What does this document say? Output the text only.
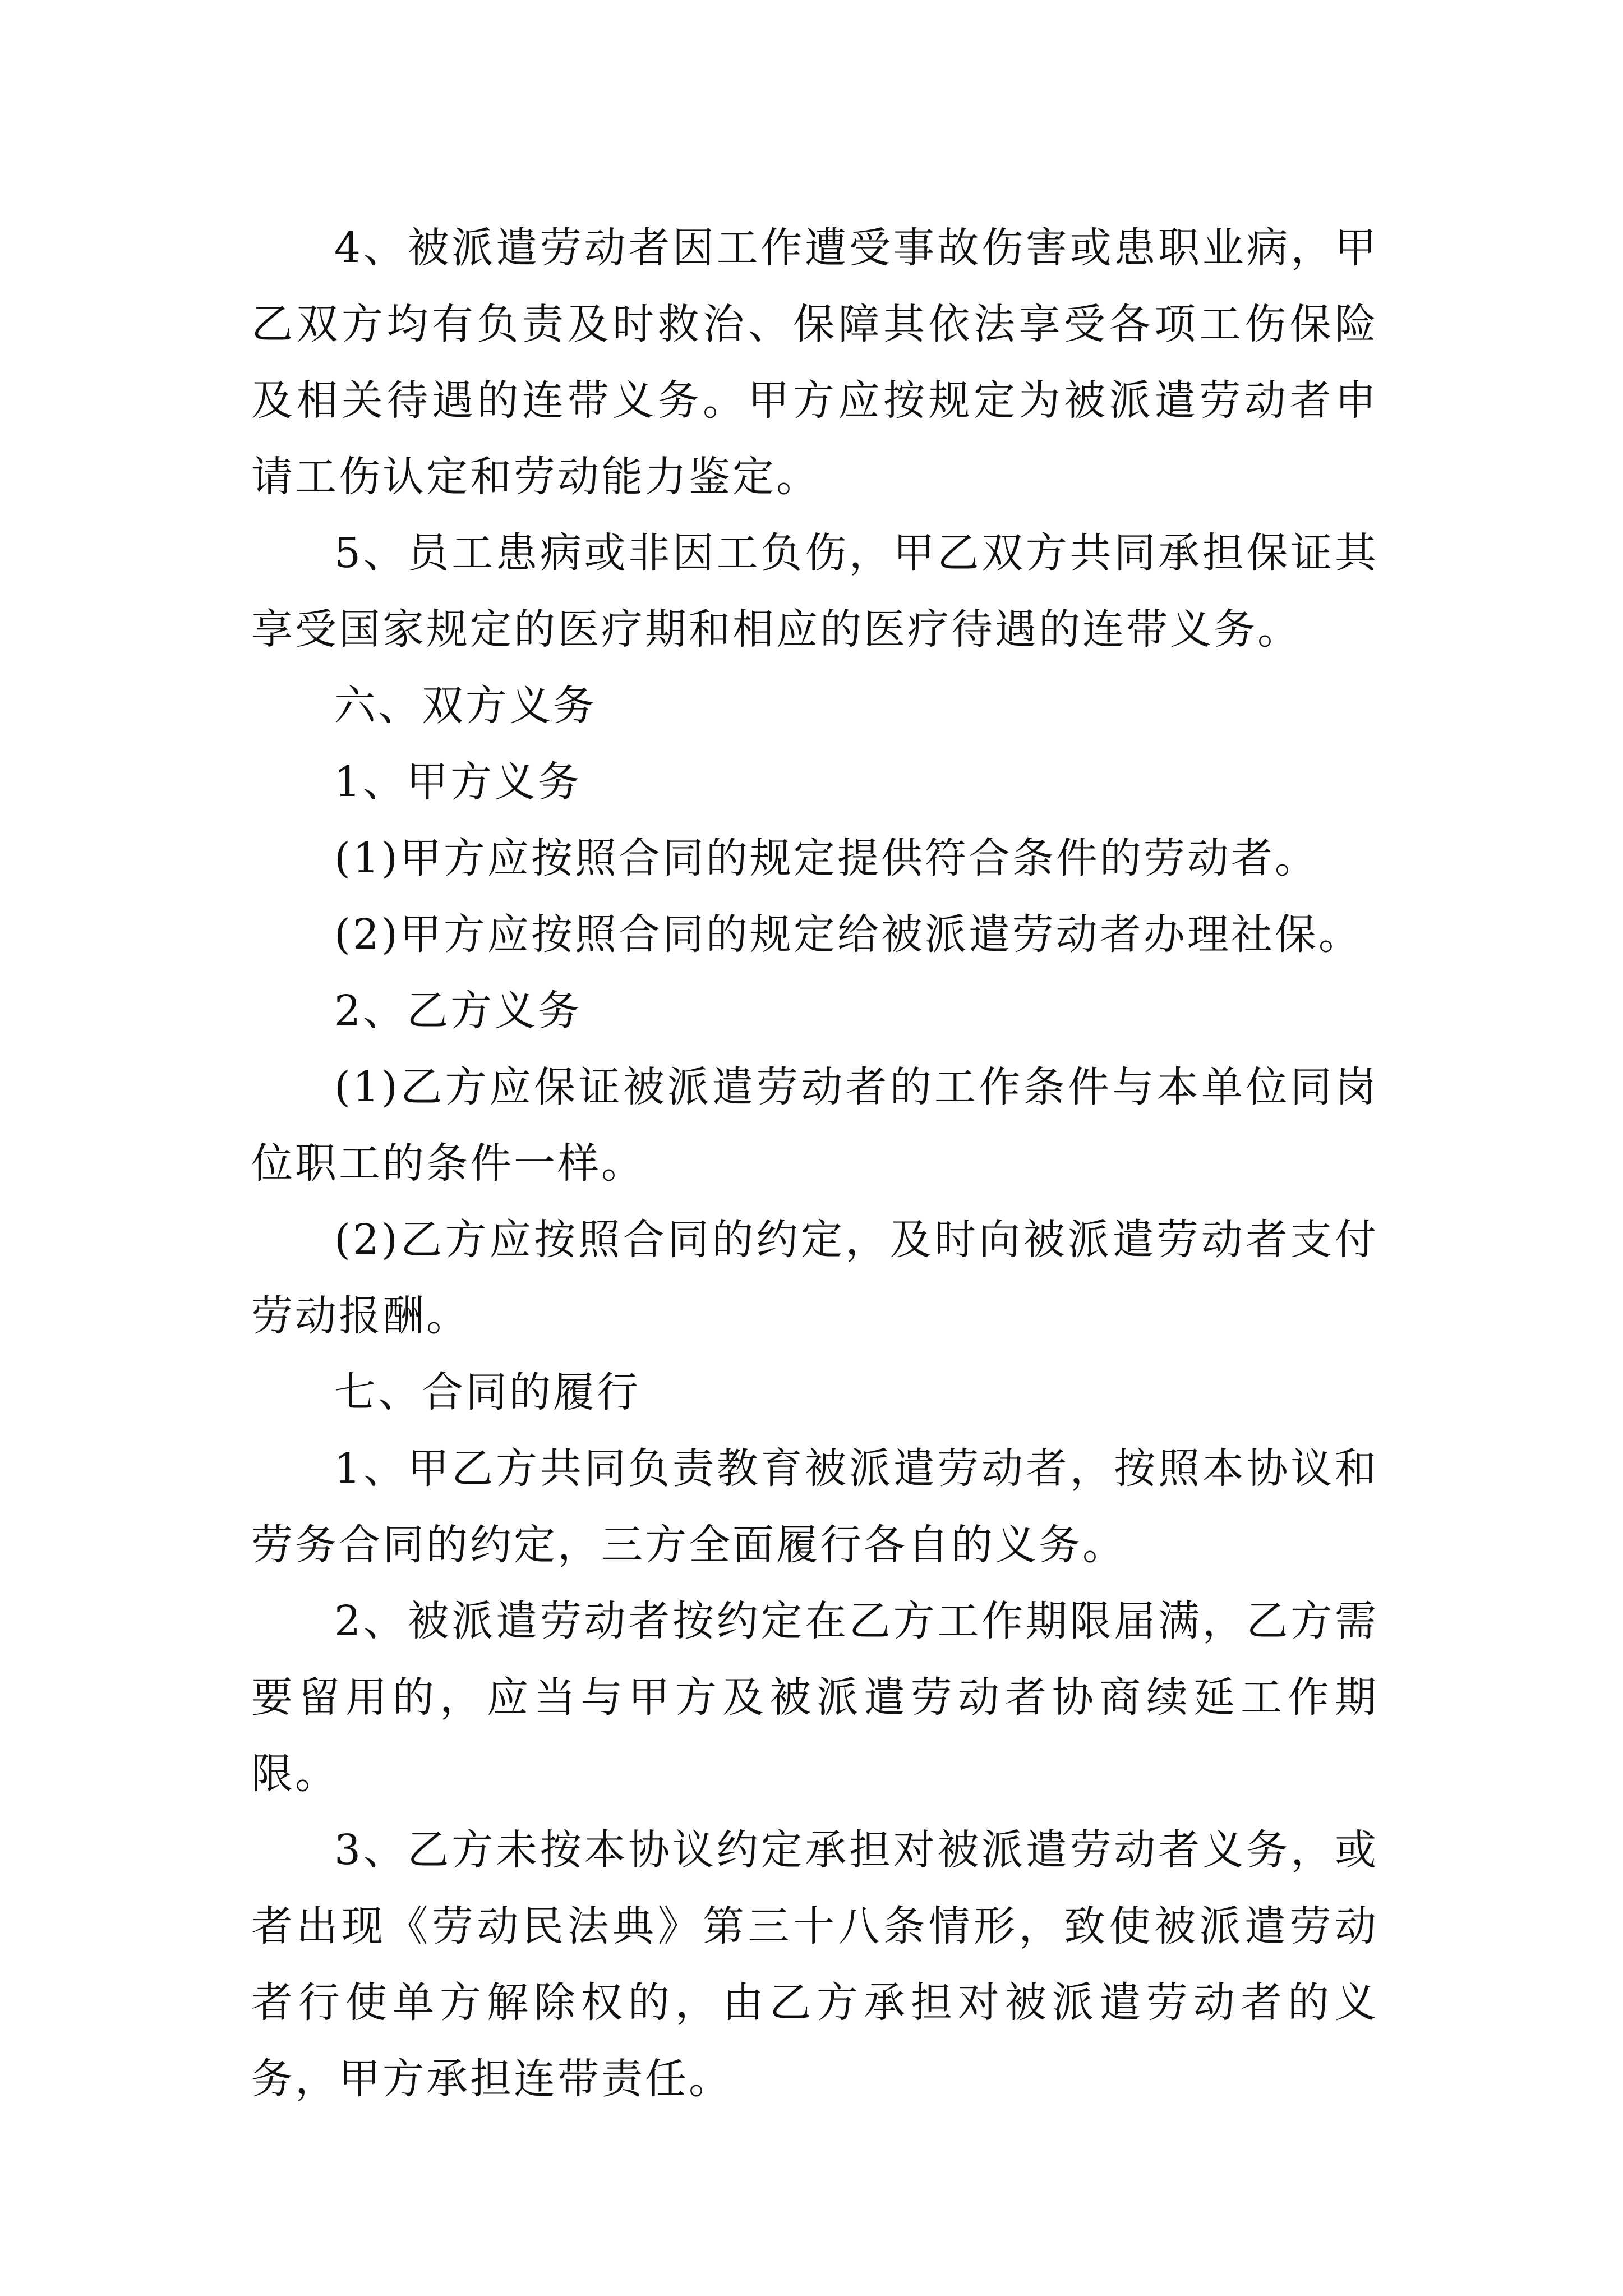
4、被派遣劳动者因工作遭受事故伤害或患职业病，甲乙双方均有负责及时救治、保障其依法享受各项工伤保险及相关待遇的连带义务。甲方应按规定为被派遣劳动者申请工伤认定和劳动能力鉴定。

5、员工患病或非因工负伤，甲乙双方共同承担保证其享受国家规定的医疗期和相应的医疗待遇的连带义务。

六、双方义务

1、甲方义务

(1)甲方应按照合同的规定提供符合条件的劳动者。

(2)甲方应按照合同的规定给被派遣劳动者办理社保。

2、乙方义务

(1)乙方应保证被派遣劳动者的工作条件与本单位同岗位职工的条件一样。

(2)乙方应按照合同的约定，及时向被派遣劳动者支付劳动报酬。

七、合同的履行

1、甲乙方共同负责教育被派遣劳动者，按照本协议和劳务合同的约定，三方全面履行各自的义务。

2、被派遣劳动者按约定在乙方工作期限届满，乙方需要留用的，应当与甲方及被派遣劳动者协商续延工作期限。

3、乙方未按本协议约定承担对被派遣劳动者义务，或者出现《劳动民法典》第三十八条情形，致使被派遣劳动者行使单方解除权的，由乙方承担对被派遣劳动者的义务，甲方承担连带责任。
